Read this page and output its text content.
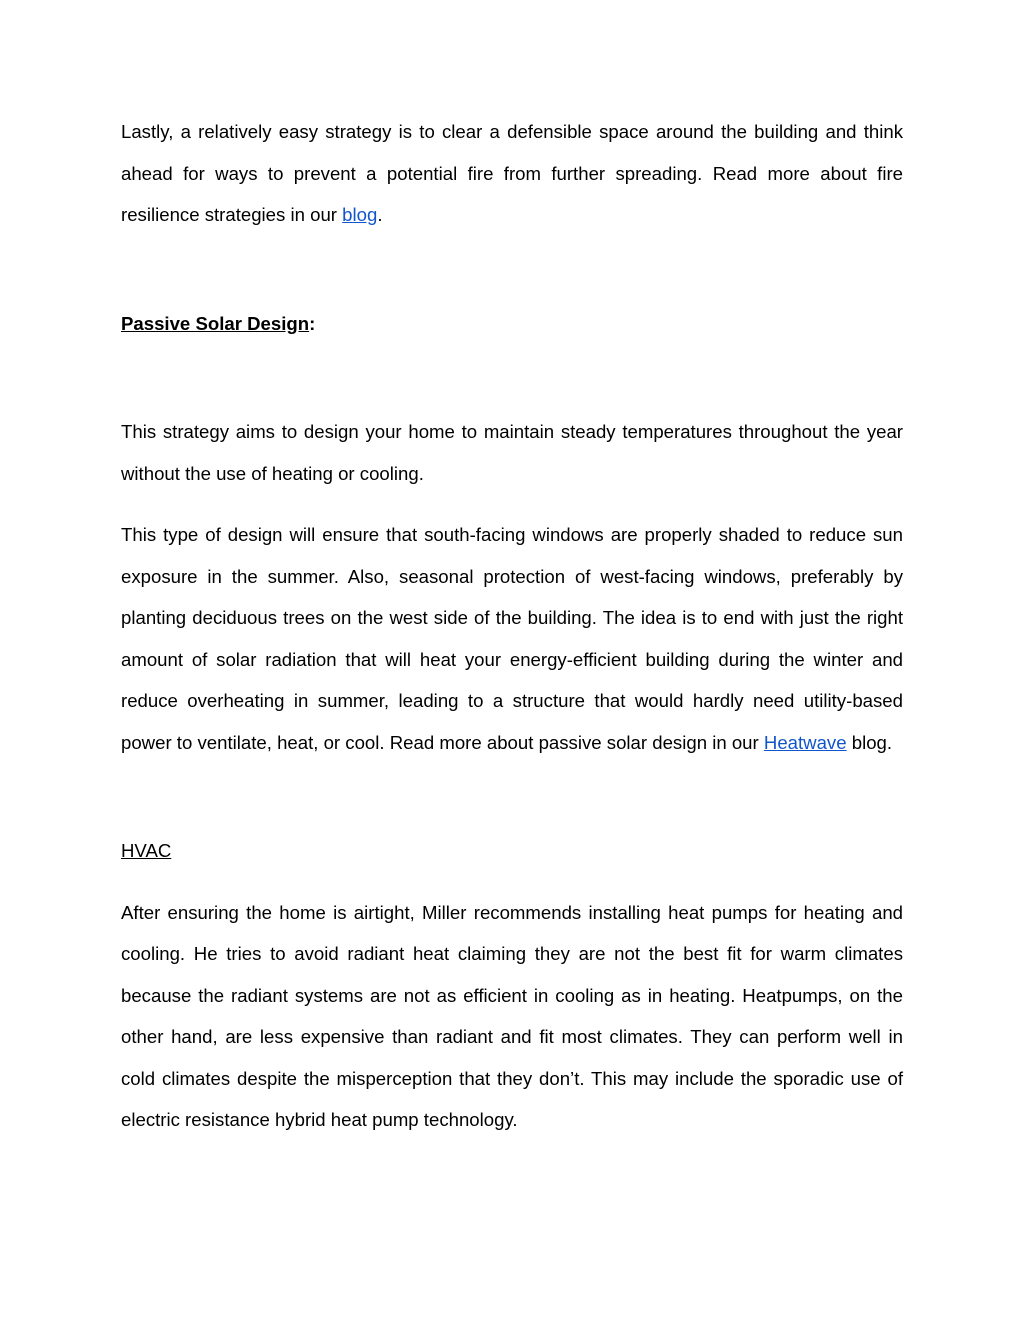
Lastly, a relatively easy strategy is to clear a defensible space around the building and think ahead for ways to prevent a potential fire from further spreading. Read more about fire resilience strategies in our blog.

Passive Solar Design:

This strategy aims to design your home to maintain steady temperatures throughout the year without the use of heating or cooling.

This type of design will ensure that south-facing windows are properly shaded to reduce sun exposure in the summer. Also, seasonal protection of west-facing windows, preferably by planting deciduous trees on the west side of the building. The idea is to end with just the right amount of solar radiation that will heat your energy-efficient building during the winter and reduce overheating in summer, leading to a structure that would hardly need utility-based power to ventilate, heat, or cool. Read more about passive solar design in our Heatwave blog.

HVAC

After ensuring the home is airtight, Miller recommends installing heat pumps for heating and cooling. He tries to avoid radiant heat claiming they are not the best fit for warm climates because the radiant systems are not as efficient in cooling as in heating. Heatpumps, on the other hand, are less expensive than radiant and fit most climates. They can perform well in cold climates despite the misperception that they don’t. This may include the sporadic use of electric resistance hybrid heat pump technology.
